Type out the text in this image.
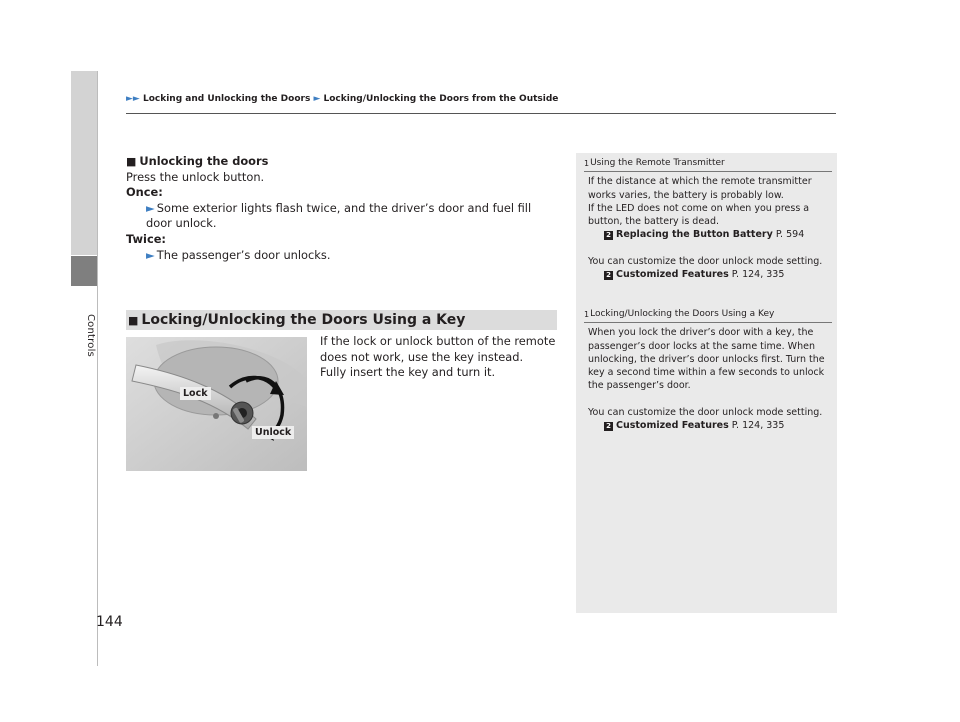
Controls
►► Locking and Unlocking the Doors ► Locking/Unlocking the Doors from the Outside
■ Unlocking the doors
Press the unlock button.
Once:
► Some exterior lights flash twice, and the driver’s door and fuel fill door unlock.
Twice:
► The passenger’s door unlocks.
■ Locking/Unlocking the Doors Using a Key
Lock
Unlock
If the lock or unlock button of the remote
does not work, use the key instead.
Fully insert the key and turn it.
1Using the Remote Transmitter

If the distance at which the remote transmitter works varies, the battery is probably low.

If the LED does not come on when you press a button, the battery is dead.

2 Replacing the Button Battery P. 594

You can customize the door unlock mode setting.

2 Customized Features P. 124, 335

1Locking/Unlocking the Doors Using a Key

When you lock the driver’s door with a key, the passenger’s door locks at the same time. When unlocking, the driver’s door unlocks first. Turn the key a second time within a few seconds to unlock the passenger’s door.

You can customize the door unlock mode setting.

2 Customized Features P. 124, 335

144
